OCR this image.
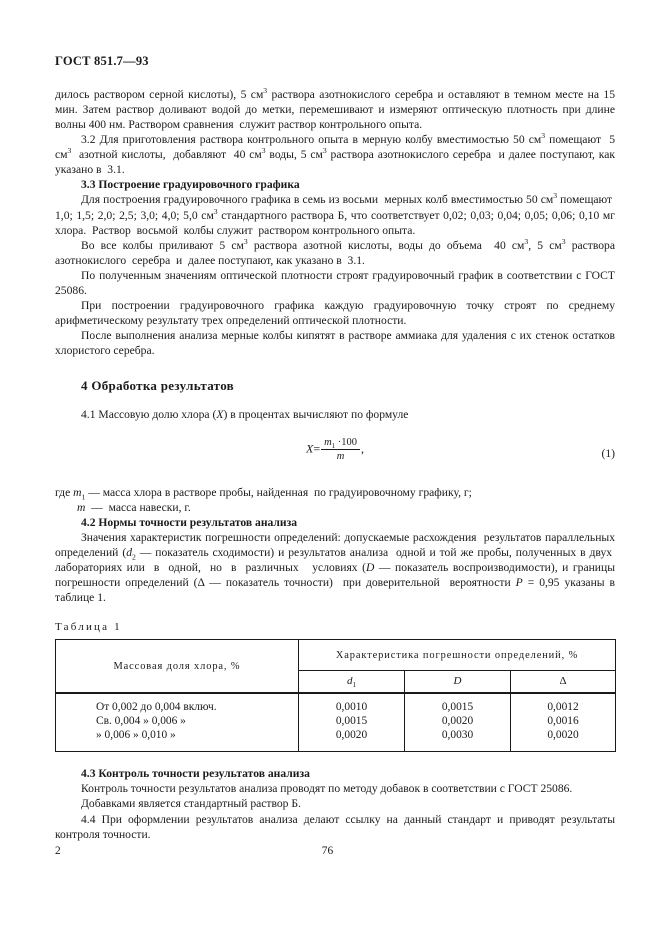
ГОСТ 851.7—93

дилось раствором серной кислоты), 5 $см^3$ раствора азотнокислого серебра и оставляют в темном месте на 15 мин. Затем раствор доливают водой до метки, перемешивают и измеряют оптическую плотность при длине волны 400 нм. Раствором сравнения  служит раствор контрольного опыта.

3.2 Для приготовления раствора контрольного опыта в мерную колбу вместимостью 50 $см^3$ помещают  5 $см^3$  азотной кислоты,  добавляют  40 $см^3$ воды, 5 $см^3$ раствора азотнокислого серебра  и далее поступают, как указано в  3.1.

3.3 Построение градуировочного графика

Для построения градуировочного графика в семь из восьми  мерных колб вместимостью 50 $см^3$ помещают  1,0; 1,5; 2,0; 2,5; 3,0; 4,0; 5,0 $см^3$ стандартного раствора Б, что соответствует 0,02; 0,03; 0,04; 0,05; 0,06; 0,10 мг хлора.  Раствор  восьмой  колбы служит  раствором контрольного опыта.

Во все колбы приливают 5 $см^3$ раствора азотной кислоты, воды до объема  40 $см^3$, 5 $см^3$ раствора азотнокислого  серебра  и  далее поступают, как указано в  3.1.

По полученным значениям оптической плотности строят градуировочный график в соответствии с ГОСТ 25086.

При построении градуировочного графика каждую градуировочную точку строят по среднему арифметическому результату трех определений оптической плотности.

После выполнения анализа мерные колбы кипятят в растворе аммиака для удаления с их стенок остатков хлористого серебра.

4 Обработка результатов

4.1 Массовую долю хлора (X) в процентах вычисляют по формуле

$X= \frac{m_1 \cdot 100}{m}$ ,	(1)

где $m_1$ — масса хлора в растворе пробы, найденная  по градуировочному графику, г;
m  —  масса навески, г.

4.2 Нормы точности результатов анализа

Значения характеристик погрешности определений: допускаемые расхождения  результатов параллельных определений ($d_2$ — показатель сходимости) и результатов анализа  одной и той же пробы, полученных в двух  лабораториях или  в  одной,  но  в  различных   условиях (D — показатель воспроизводимости), и границы погрешности определений (Δ — показатель точности)  при доверительной  вероятности P = 0,95 указаны в таблице 1.

Таблица 1
Массовая доля хлора, %	Характеристика погрешности определений, %		
	$d_1$	D	Δ
От 0,002 до 0,004 включ.	0,0010	0,0015	0,0012
Св. 0,004 » 0,006 »	0,0015	0,0020	0,0016
» 0,006 » 0,010 »	0,0020	0,0030	0,0020

4.3 Контроль точности результатов анализа

Контроль точности результатов анализа проводят по методу добавок в соответствии с ГОСТ 25086.

Добавками является стандартный раствор Б.

4.4 При оформлении результатов анализа делают ссылку на данный стандарт и приводят результаты контроля точности.

2	76
